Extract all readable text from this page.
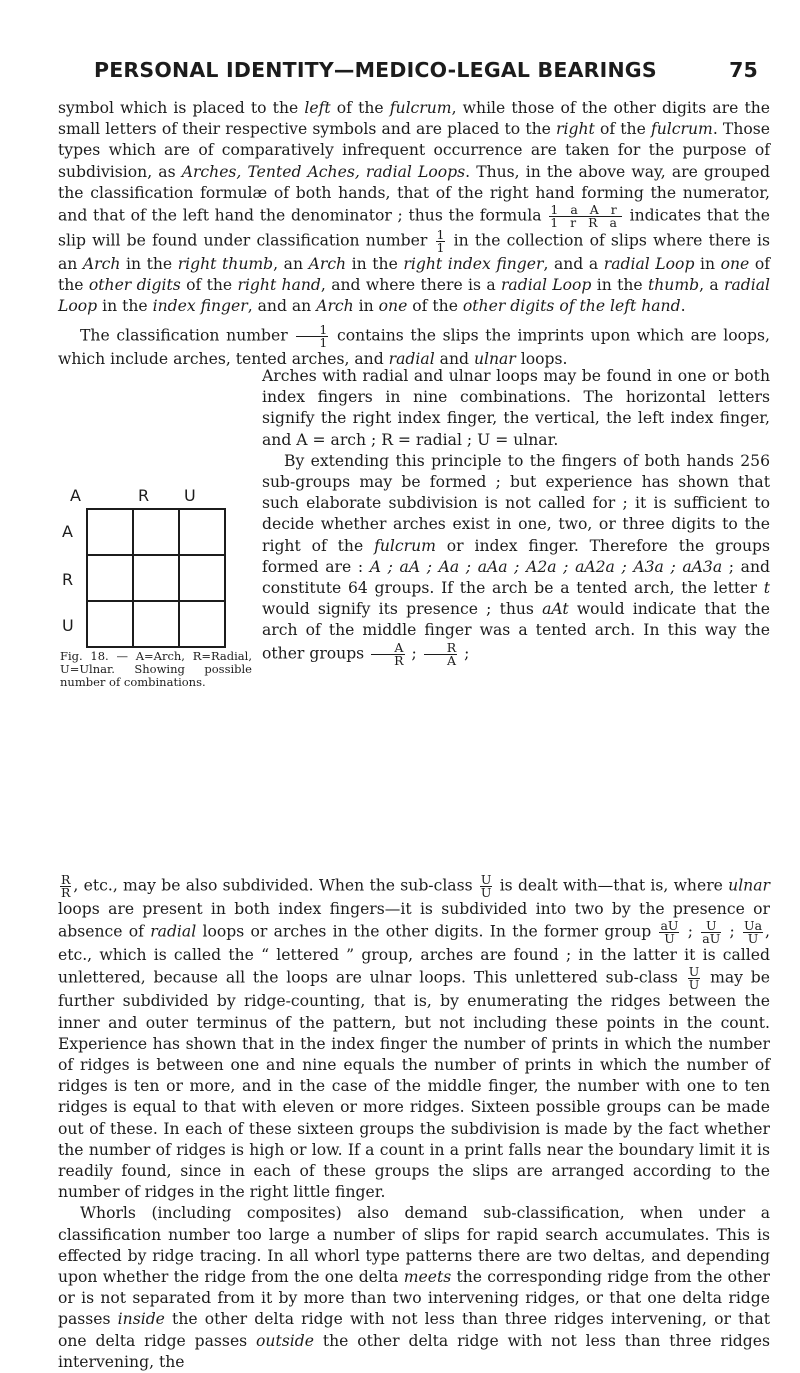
PERSONAL IDENTITY—MEDICO-LEGAL BEARINGS	75

symbol which is placed to the left of the fulcrum, while those of the other digits are the small letters of their respective symbols and are placed to the right of the fulcrum. Those types which are of comparatively infrequent occurrence are taken for the purpose of subdivision, as Arches, Tented Aches, radial Loops. Thus, in the above way, are grouped the classification formulæ of both hands, that of the right hand forming the numerator, and that of the left hand the denominator ; thus the formula $\frac{\text{1 a A r}}{\text{1 r R a}}$ indicates that the slip will be found under classification number $\frac{1}{1}$ in the collection of slips where there is an Arch in the right thumb, an Arch in the right index finger, and a radial Loop in one of the other digits of the right hand, and where there is a radial Loop in the thumb, a radial Loop in the index finger, and an Arch in one of the other digits of the left hand.

The classification number $\frac{1}{1}$ contains the slips the imprints upon which are loops, which include arches, tented arches, and radial and ulnar loops.

A	R U
A
R
U
Fig. 18. — A=Arch, R=Radial, U=Ulnar. Showing possible number of combinations.

Arches with radial and ulnar loops may be found in one or both index fingers in nine combinations. The horizontal letters signify the right index finger, the vertical, the left index finger, and A = arch ; R = radial ; U = ulnar.

By extending this principle to the fingers of both hands 256 sub-groups may be formed ; but experience has shown that such elaborate subdivision is not called for ; it is sufficient to decide whether arches exist in one, two, or three digits to the right of the fulcrum or index finger. Therefore the groups formed are : A ; aA ; Aa ; aAa ; A2a ; aA2a ; A3a ; aA3a ; and constitute 64 groups. If the arch be a tented arch, the letter t would signify its presence ; thus aAt would indicate that the arch of the middle finger was a tented arch. In this way the other groups $\frac{A}{R}$ ; $\frac{R}{A}$ ;

$\frac{R}{R}$ , etc., may be also subdivided. When the sub-class $\frac{U}{U}$ is dealt with—that is, where ulnar loops are present in both index fingers—it is subdivided into two by the presence or absence of radial loops or arches in the other digits. In the former group $\frac{aU}{U}$ ; $\frac{U}{aU}$ ; $\frac{Ua}{U}$ , etc., which is called the “ lettered ” group, arches are found ; in the latter it is called unlettered, because all the loops are ulnar loops. This unlettered sub-class $\frac{U}{U}$ may be further subdivided by ridge-counting, that is, by enumerating the ridges between the inner and outer terminus of the pattern, but not including these points in the count. Experience has shown that in the index finger the number of prints in which the number of ridges is between one and nine equals the number of prints in which the number of ridges is ten or more, and in the case of the middle finger, the number with one to ten ridges is equal to that with eleven or more ridges. Sixteen possible groups can be made out of these. In each of these sixteen groups the subdivision is made by the fact whether the number of ridges is high or low. If a count in a print falls near the boundary limit it is readily found, since in each of these groups the slips are arranged according to the number of ridges in the right little finger.

Whorls (including composites) also demand sub-classification, when under a classification number too large a number of slips for rapid search accumulates. This is effected by ridge tracing. In all whorl type patterns there are two deltas, and depending upon whether the ridge from the one delta meets the corresponding ridge from the other or is not separated from it by more than two intervening ridges, or that one delta ridge passes inside the other delta ridge with not less than three ridges intervening, or that one delta ridge passes outside the other delta ridge with not less than three ridges intervening, the
